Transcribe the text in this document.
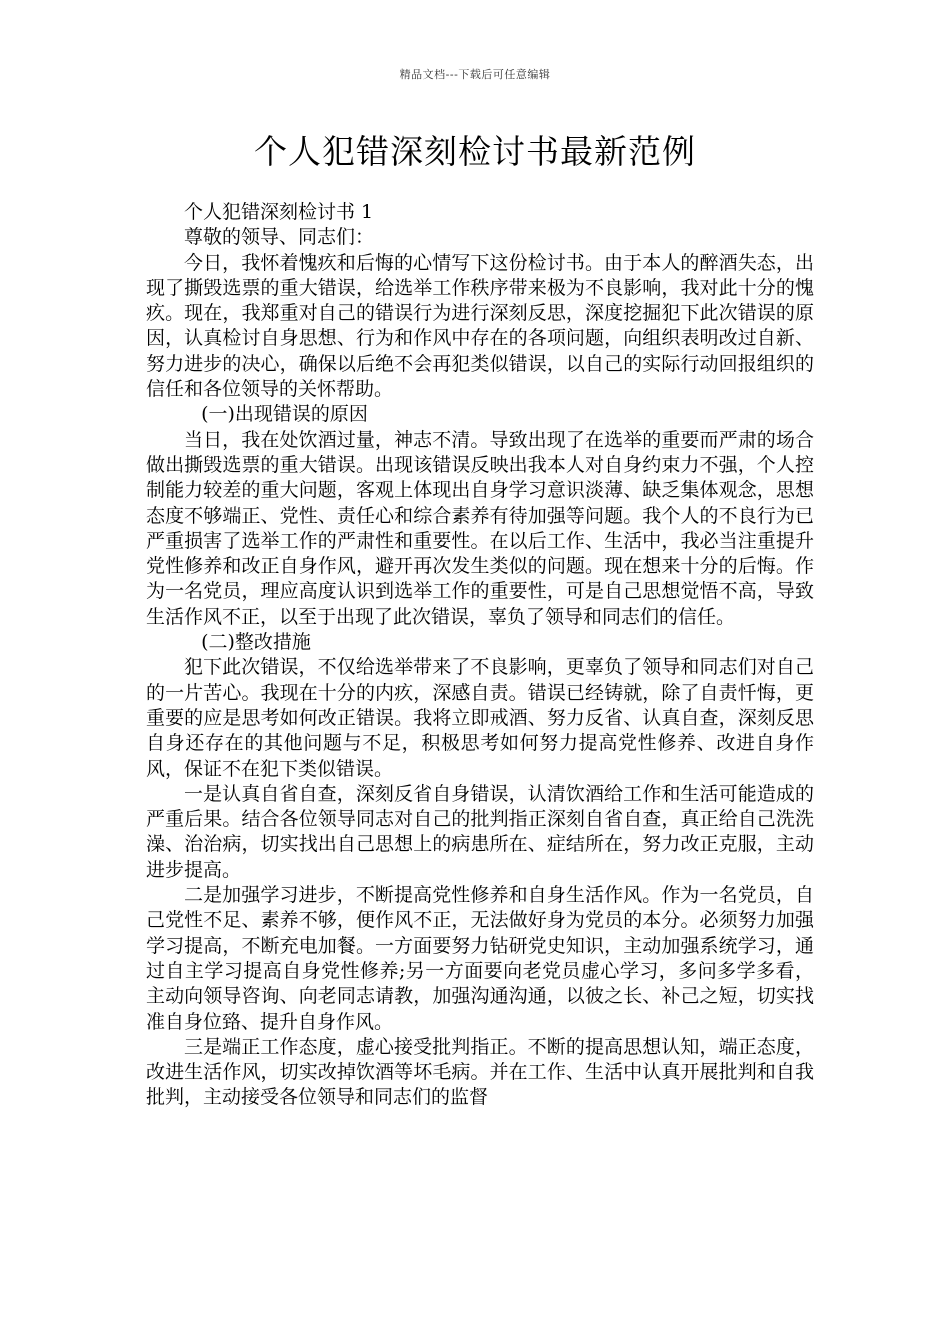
精品文档---下载后可任意编辑
个人犯错深刻检讨书最新范例

个人犯错深刻检讨书 1

尊敬的领导、同志们：

今日，我怀着愧疚和后悔的心情写下这份检讨书。由于本人的醉酒失态，出现了撕毁选票的重大错误，给选举工作秩序带来极为不良影响，我对此十分的愧疚。现在，我郑重对自己的错误行为进行深刻反思，深度挖掘犯下此次错误的原因，认真检讨自身思想、行为和作风中存在的各项问题，向组织表明改过自新、努力进步的决心，确保以后绝不会再犯类似错误，以自己的实际行动回报组织的信任和各位领导的关怀帮助。

(一)出现错误的原因

当日，我在处饮酒过量，神志不清。导致出现了在选举的重要而严肃的场合做出撕毁选票的重大错误。出现该错误反映出我本人对自身约束力不强，个人控制能力较差的重大问题，客观上体现出自身学习意识淡薄、缺乏集体观念，思想态度不够端正、党性、责任心和综合素养有待加强等问题。我个人的不良行为已严重损害了选举工作的严肃性和重要性。在以后工作、生活中，我必当注重提升党性修养和改正自身作风，避开再次发生类似的问题。现在想来十分的后悔。作为一名党员，理应高度认识到选举工作的重要性，可是自己思想觉悟不高，导致生活作风不正，以至于出现了此次错误，辜负了领导和同志们的信任。

(二)整改措施

犯下此次错误，不仅给选举带来了不良影响，更辜负了领导和同志们对自己的一片苦心。我现在十分的内疚，深感自责。错误已经铸就，除了自责忏悔，更重要的应是思考如何改正错误。我将立即戒酒、努力反省、认真自查，深刻反思自身还存在的其他问题与不足，积极思考如何努力提高党性修养、改进自身作风，保证不在犯下类似错误。

一是认真自省自查，深刻反省自身错误，认清饮酒给工作和生活可能造成的严重后果。结合各位领导同志对自己的批判指正深刻自省自查，真正给自己洗洗澡、治治病，切实找出自己思想上的病患所在、症结所在，努力改正克服，主动进步提高。

二是加强学习进步，不断提高党性修养和自身生活作风。作为一名党员，自己党性不足、素养不够，便作风不正，无法做好身为党员的本分。必须努力加强学习提高，不断充电加餐。一方面要努力钻研党史知识，主动加强系统学习，通过自主学习提高自身党性修养;另一方面要向老党员虚心学习，多问多学多看，主动向领导咨询、向老同志请教，加强沟通沟通，以彼之长、补己之短，切实找准自身位臵、提升自身作风。

三是端正工作态度，虚心接受批判指正。不断的提高思想认知，端正态度，改进生活作风，切实改掉饮酒等坏毛病。并在工作、生活中认真开展批判和自我批判，主动接受各位领导和同志们的监督
